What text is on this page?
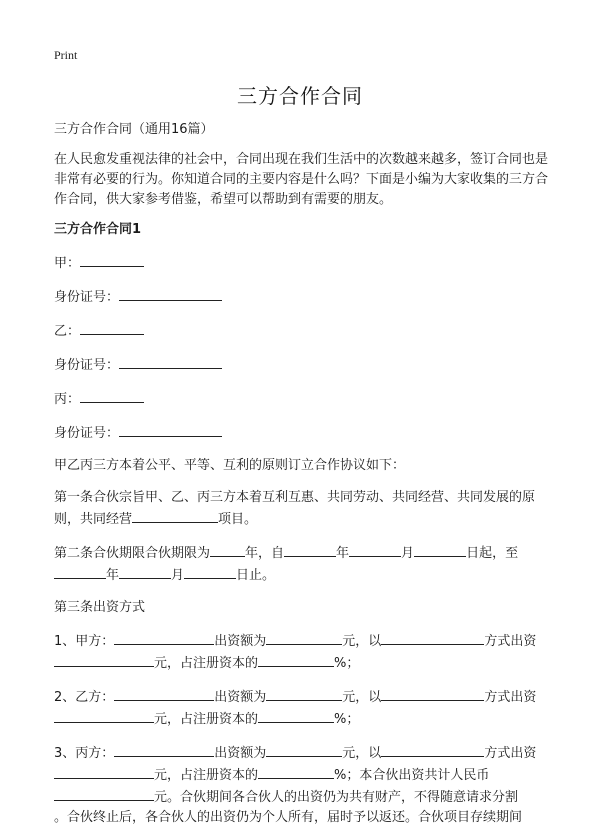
Print
三方合作合同

三方合作合同（通用16篇）

在人民愈发重视法律的社会中，合同出现在我们生活中的次数越来越多，签订合同也是非常有必要的行为。你知道合同的主要内容是什么吗？下面是小编为大家收集的三方合作合同，供大家参考借鉴，希望可以帮助到有需要的朋友。

三方合作合同1

甲：
身份证号：
乙：
身份证号：
丙：
身份证号：

甲乙丙三方本着公平、平等、互利的原则订立合作协议如下：

第一条合伙宗旨甲、乙、丙三方本着互利互惠、共同劳动、共同经营、共同发展的原则，共同经营	项目。

第二条合伙期限合伙期限为	年，自	年	月	日起，至
年	月	日止。

第三条出资方式

1、甲方：	出资额为	元，以	方式出资
元，占注册资本的	%；

2、乙方：	出资额为	元，以	方式出资
元，占注册资本的	%；

3、丙方：	出资额为	元，以	方式出资
元，占注册资本的	%；本合伙出资共计人民币
元。合伙期间各合伙人的出资仍为共有财产，不得随意请求分割
。合伙终止后，各合伙人的出资仍为个人所有，届时予以返还。合伙项目存续期间
